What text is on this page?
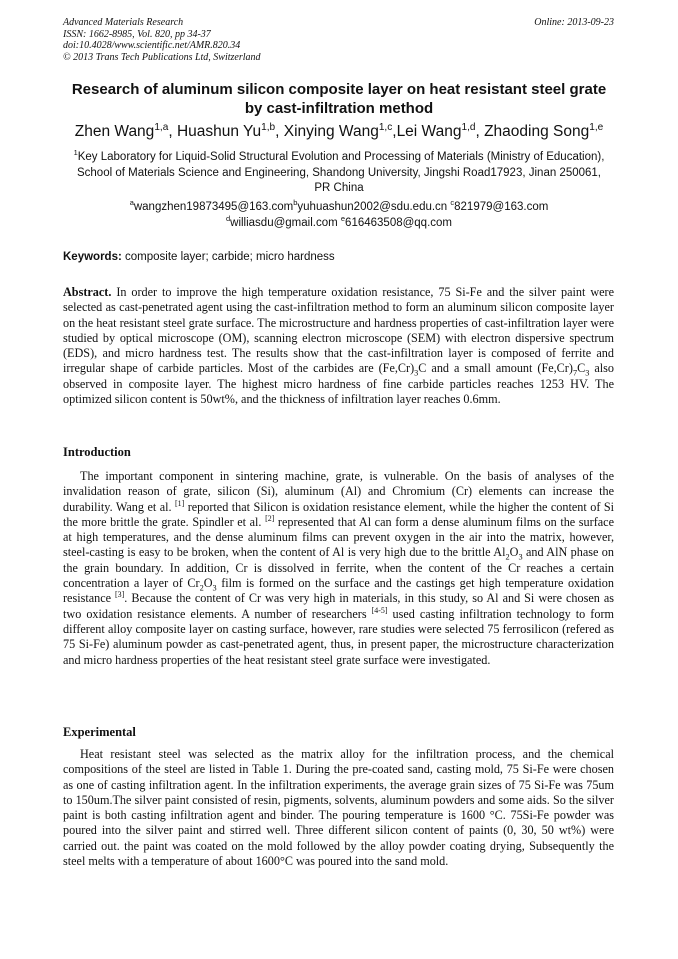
Advanced Materials Research
ISSN: 1662-8985, Vol. 820, pp 34-37
doi:10.4028/www.scientific.net/AMR.820.34
© 2013 Trans Tech Publications Ltd, Switzerland
Online: 2013-09-23
Research of aluminum silicon composite layer on heat resistant steel grate by cast-infiltration method
Zhen Wang$^{1,a}$, Huashun Yu$^{1,b}$, Xinying Wang$^{1,c}$,Lei Wang$^{1,d}$, Zhaoding Song$^{1,e}$
$^1$Key Laboratory for Liquid-Solid Structural Evolution and Processing of Materials (Ministry of Education), School of Materials Science and Engineering, Shandong University, Jingshi Road17923, Jinan 250061, PR China
$^a$wangzhen19873495@163.com$^b$yuhuashun2002@sdu.edu.cn $^c$821979@163.com
$^d$williasdu@gmail.com $^e$616463508@qq.com
Keywords: composite layer; carbide; micro hardness
Abstract. In order to improve the high temperature oxidation resistance, 75 Si-Fe and the silver paint were selected as cast-penetrated agent using the cast-infiltration method to form an aluminum silicon composite layer on the heat resistant steel grate surface. The microstructure and hardness properties of cast-infiltration layer were studied by optical microscope (OM), scanning electron microscope (SEM) with electron dispersive spectrum (EDS), and micro hardness test. The results show that the cast-infiltration layer is composed of ferrite and irregular shape of carbide particles. Most of the carbides are $(Fe,Cr)_3C$ and a small amount $(Fe,Cr)_7C_3$ also observed in composite layer. The highest micro hardness of fine carbide particles reaches 1253 HV. The optimized silicon content is 50wt%, and the thickness of infiltration layer reaches 0.6mm.
Introduction
The important component in sintering machine, grate, is vulnerable. On the basis of analyses of the invalidation reason of grate, silicon (Si), aluminum (Al) and Chromium (Cr) elements can increase the durability. Wang et al. [1] reported that Silicon is oxidation resistance element, while the higher the content of Si the more brittle the grate. Spindler et al. [2] represented that Al can form a dense aluminum films on the surface at high temperatures, and the dense aluminum films can prevent oxygen in the air into the matrix, however, steel-casting is easy to be broken, when the content of Al is very high due to the brittle $Al_2O_3$ and AlN phase on the grain boundary. In addition, Cr is dissolved in ferrite, when the content of the Cr reaches a certain concentration a layer of $Cr_2O_3$ film is formed on the surface and the castings get high temperature oxidation resistance [3]. Because the content of Cr was very high in materials, in this study, so Al and Si were chosen as two oxidation resistance elements. A number of researchers [4-5] used casting infiltration technology to form different alloy composite layer on casting surface, however, rare studies were selected 75 ferrosilicon (refered as 75 Si-Fe) aluminum powder as cast-penetrated agent, thus, in present paper, the microstructure characterization and micro hardness properties of the heat resistant steel grate surface were investigated.
Experimental
Heat resistant steel was selected as the matrix alloy for the infiltration process, and the chemical compositions of the steel are listed in Table 1. During the pre-coated sand, casting mold, 75 Si-Fe were chosen as one of casting infiltration agent. In the infiltration experiments, the average grain sizes of 75 Si-Fe was 75um to 150um.The silver paint consisted of resin, pigments, solvents, aluminum powders and some aids. So the silver paint is both casting infiltration agent and binder. The pouring temperature is 1600 °C. 75Si-Fe powder was poured into the silver paint and stirred well. Three different silicon content of paints (0, 30, 50 wt%) were carried out. the paint was coated on the mold followed by the alloy powder coating drying, Subsequently the steel melts with a temperature of about 1600°C was poured into the sand mold.
